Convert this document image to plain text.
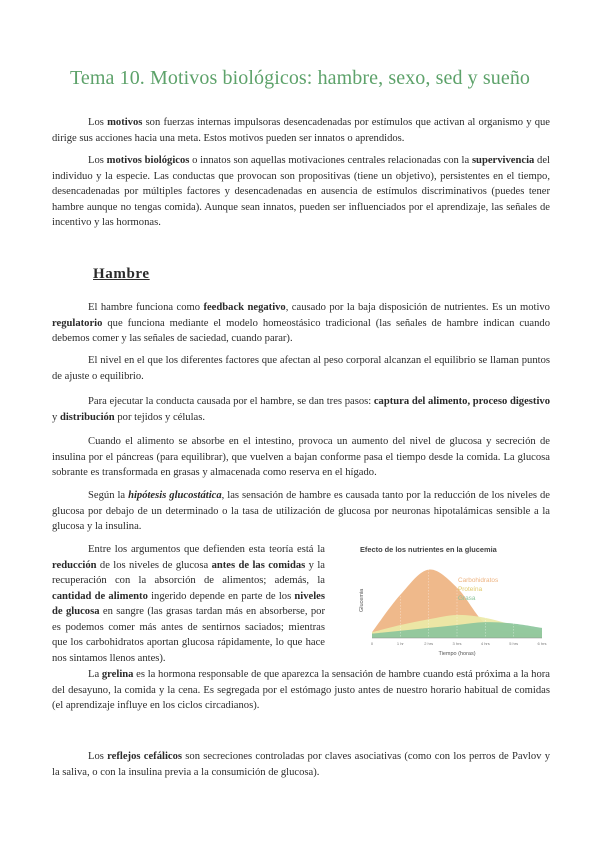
Tema 10. Motivos biológicos: hambre, sexo, sed y sueño

Los motivos son fuerzas internas impulsoras desencadenadas por estímulos que activan al organismo y que dirige sus acciones hacia una meta. Estos motivos pueden ser innatos o aprendidos.

Los motivos biológicos o innatos son aquellas motivaciones centrales relacionadas con la supervivencia del individuo y la especie. Las conductas que provocan son propositivas (tiene un objetivo), persistentes en el tiempo, desencadenadas por múltiples factores y desencadenadas en ausencia de estímulos discriminativos (puedes tener hambre aunque no tengas comida). Aunque sean innatos, pueden ser influenciados por el aprendizaje, las señales de incentivo y las hormonas.

Hambre

El hambre funciona como feedback negativo, causado por la baja disposición de nutrientes. Es un motivo regulatorio que funciona mediante el modelo homeostásico tradicional (las señales de hambre indican cuando debemos comer y las señales de saciedad, cuando parar).

El nivel en el que los diferentes factores que afectan al peso corporal alcanzan el equilibrio se llaman puntos de ajuste o equilibrio.

Para ejecutar la conducta causada por el hambre, se dan tres pasos: captura del alimento, proceso digestivo y distribución por tejidos y células.

Cuando el alimento se absorbe en el intestino, provoca un aumento del nivel de glucosa y secreción de insulina por el páncreas (para equilibrar), que vuelven a bajan conforme pasa el tiempo desde la comida. La glucosa sobrante es transformada en grasas y almacenada como reserva en el hígado.

Según la hipótesis glucostática, las sensación de hambre es causada tanto por la reducción de los niveles de glucosa por debajo de un determinado o la tasa de utilización de glucosa por neuronas hipotalámicas sensible a la glucosa y la insulina.

Entre los argumentos que defienden esta teoría está la reducción de los niveles de glucosa antes de las comidas y la recuperación con la absorción de alimentos; además, la cantidad de alimento ingerido depende en parte de los niveles de glucosa en sangre (las grasas tardan más en absorberse, por es podemos comer más antes de sentirnos saciados; mientras que los carbohidratos aportan glucosa rápidamente, lo que hace nos sintamos llenos antes).

Efecto de los nutrientes en la glucemia
Glucemia
Tiempo (horas)
0	1 hr	2 hrs	3 hrs	4 hrs	5 hrs	6 hrs
Carbohidratos
Proteína
Grasa

La grelina es la hormona responsable de que aparezca la sensación de hambre cuando está próxima a la hora del desayuno, la comida y la cena. Es segregada por el estómago justo antes de nuestro horario habitual de comidas (el aprendizaje influye en los ciclos circadianos).

Los reflejos cefálicos son secreciones controladas por claves asociativas (como con los perros de Pavlov y la saliva, o con la insulina previa a la consumición de glucosa).
